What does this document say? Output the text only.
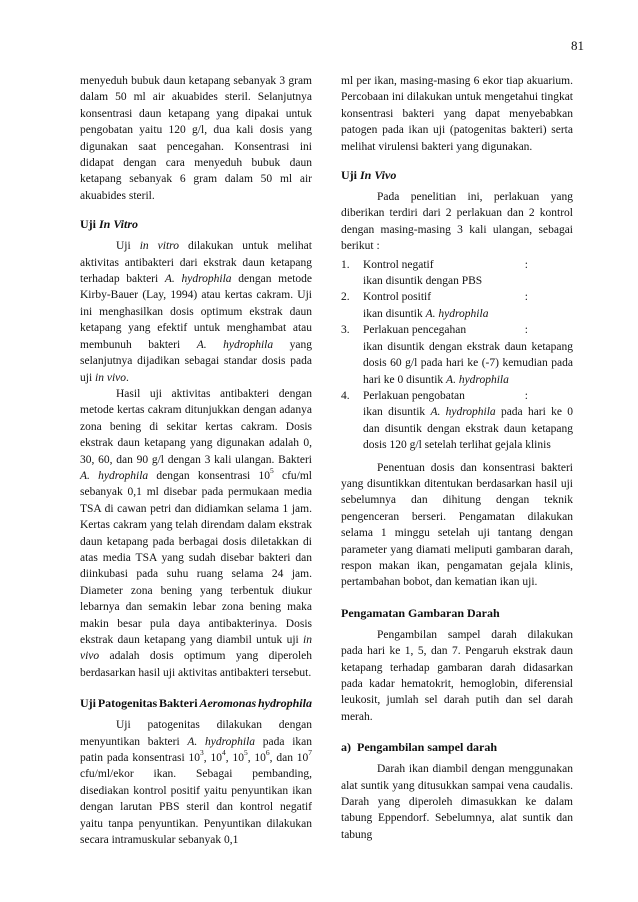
81

menyeduh bubuk daun ketapang sebanyak 3 gram dalam 50 ml air akuabides steril. Selanjutnya konsentrasi daun ketapang yang dipakai untuk pengobatan yaitu 120 g/l, dua kali dosis yang digunakan saat pencegahan. Konsentrasi ini didapat dengan cara menyeduh bubuk daun ketapang sebanyak 6 gram dalam 50 ml air akuabides steril.

Uji In Vitro

Uji in vitro dilakukan untuk melihat aktivitas antibakteri dari ekstrak daun ketapang terhadap bakteri A. hydrophila dengan metode Kirby-Bauer (Lay, 1994) atau kertas cakram. Uji ini menghasilkan dosis optimum ekstrak daun ketapang yang efektif untuk menghambat atau membunuh bakteri A. hydrophila yang selanjutnya dijadikan sebagai standar dosis pada uji in vivo.

Hasil uji aktivitas antibakteri dengan metode kertas cakram ditunjukkan dengan adanya zona bening di sekitar kertas cakram. Dosis ekstrak daun ketapang yang digunakan adalah 0, 30, 60, dan 90 g/l dengan 3 kali ulangan. Bakteri A. hydrophila dengan konsentrasi $10^5$ cfu/ml sebanyak 0,1 ml disebar pada permukaan media TSA di cawan petri dan didiamkan selama 1 jam. Kertas cakram yang telah direndam dalam ekstrak daun ketapang pada berbagai dosis diletakkan di atas media TSA yang sudah disebar bakteri dan diinkubasi pada suhu ruang selama 24 jam. Diameter zona bening yang terbentuk diukur lebarnya dan semakin lebar zona bening maka makin besar pula daya antibakterinya. Dosis ekstrak daun ketapang yang diambil untuk uji in vivo adalah dosis optimum yang diperoleh berdasarkan hasil uji aktivitas antibakteri tersebut.

Uji Patogenitas Bakteri Aeromonas hydrophila

Uji patogenitas dilakukan dengan menyuntikan bakteri A. hydrophila pada ikan patin pada konsentrasi $10^3$, $10^4$, $10^5$, $10^6$, dan $10^7$ cfu/ml/ekor ikan. Sebagai pembanding, disediakan kontrol positif yaitu penyuntikan ikan dengan larutan PBS steril dan kontrol negatif yaitu tanpa penyuntikan. Penyuntikan dilakukan secara intramuskular sebanyak 0,1

ml per ikan, masing-masing 6 ekor tiap akuarium. Percobaan ini dilakukan untuk mengetahui tingkat konsentrasi bakteri yang dapat menyebabkan patogen pada ikan uji (patogenitas bakteri) serta melihat virulensi bakteri yang digunakan.

Uji In Vivo

Pada penelitian ini, perlakuan yang diberikan terdiri dari 2 perlakuan dan 2 kontrol dengan masing-masing 3 kali ulangan, sebagai berikut :

1. Kontrol negatif	:
ikan disuntik dengan PBS
2. Kontrol positif	:
ikan disuntik A. hydrophila
3. Perlakuan pencegahan	:
ikan disuntik dengan ekstrak daun ketapang dosis 60 g/l pada hari ke (-7) kemudian pada hari ke 0 disuntik A. hydrophila
4. Perlakuan pengobatan	:
ikan disuntik A. hydrophila pada hari ke 0 dan disuntik dengan ekstrak daun ketapang dosis 120 g/l setelah terlihat gejala klinis

Penentuan dosis dan konsentrasi bakteri yang disuntikkan ditentukan berdasarkan hasil uji sebelumnya dan dihitung dengan teknik pengenceran berseri. Pengamatan dilakukan selama 1 minggu setelah uji tantang dengan parameter yang diamati meliputi gambaran darah, respon makan ikan, pengamatan gejala klinis, pertambahan bobot, dan kematian ikan uji.

Pengamatan Gambaran Darah

Pengambilan sampel darah dilakukan pada hari ke 1, 5, dan 7. Pengaruh ekstrak daun ketapang terhadap gambaran darah didasarkan pada kadar hematokrit, hemoglobin, diferensial leukosit, jumlah sel darah putih dan sel darah merah.

a)  Pengambilan sampel darah

Darah ikan diambil dengan menggunakan alat suntik yang ditusukkan sampai vena caudalis. Darah yang diperoleh dimasukkan ke dalam tabung Eppendorf. Sebelumnya, alat suntik dan tabung
